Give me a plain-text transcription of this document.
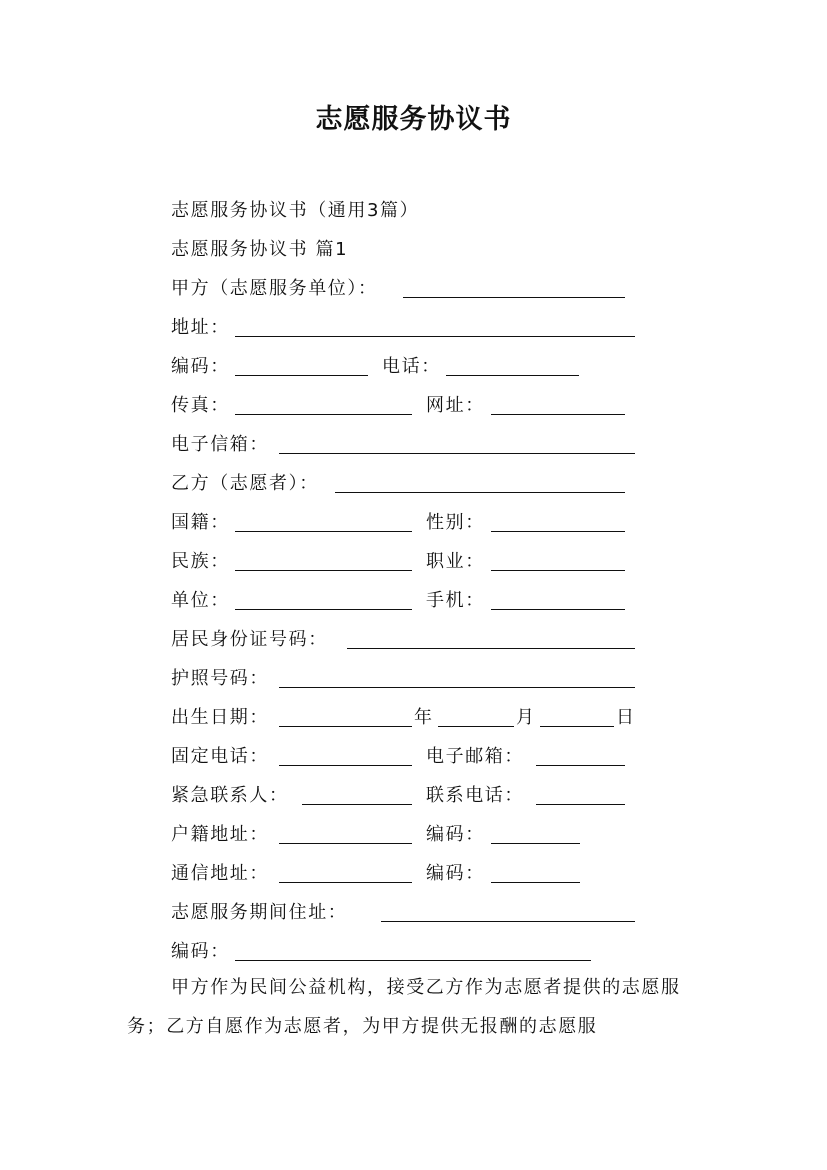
志愿服务协议书
志愿服务协议书（通用3篇）
志愿服务协议书 篇1
甲方（志愿服务单位）：
地址：
编码：	电话：
传真：	网址：
电子信箱：
乙方（志愿者）：
国籍：	性别：
民族：	职业：
单位：	手机：
居民身份证号码：
护照号码：
出生日期：	年	月	日
固定电话：	电子邮箱：
紧急联系人：	联系电话：
户籍地址：	编码：
通信地址：	编码：
志愿服务期间住址：
编码：

甲方作为民间公益机构，接受乙方作为志愿者提供的志愿服务；乙方自愿作为志愿者，为甲方提供无报酬的志愿服
